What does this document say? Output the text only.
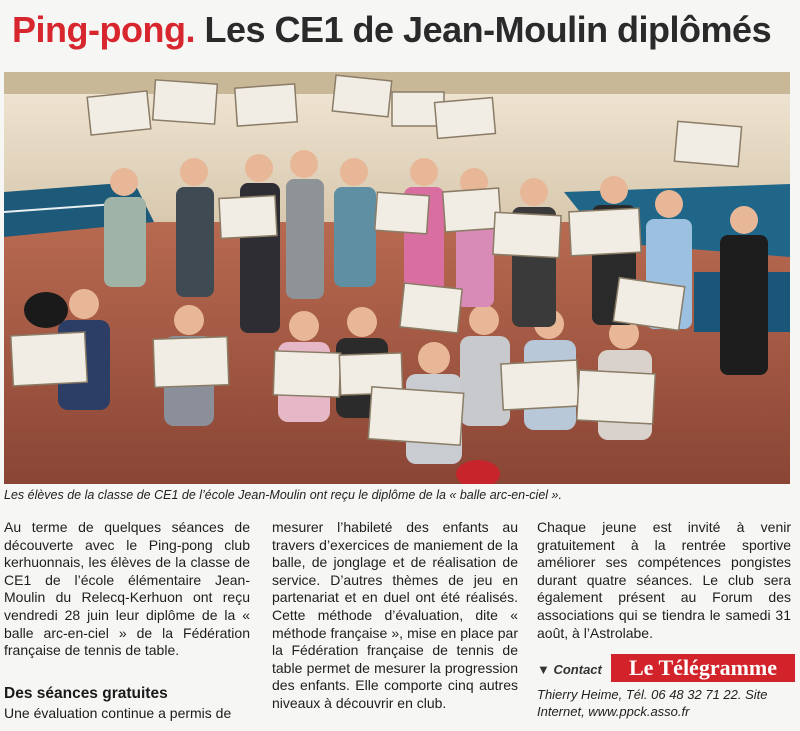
Ping-pong. Les CE1 de Jean-Moulin diplômés
Les élèves de la classe de CE1 de l’école Jean-Moulin ont reçu le diplôme de la « balle arc-en-ciel ».

Au terme de quelques séances de découverte avec le Ping-pong club kerhuonnais, les élèves de la classe de CE1 de l’école élémentaire Jean-Moulin du Relecq-Kerhuon ont reçu vendredi 28 juin leur diplôme de la « balle arc-en-ciel » de la Fédération française de tennis de table.

Des séances gratuites
Une évaluation continue a permis de

mesurer l’habileté des enfants au travers d’exercices de maniement de la balle, de jonglage et de réalisation de service. D’autres thèmes de jeu en partenariat et en duel ont été réalisés. Cette méthode d’évaluation, dite « méthode française », mise en place par la Fédération française de tennis de table permet de mesurer la progression des enfants. Elle comporte cinq autres niveaux à découvrir en club.

Chaque jeune est invité à venir gratuitement à la rentrée sportive améliorer ses compétences pongistes durant quatre séances. Le club sera également présent au Forum des associations qui se tiendra le samedi 31 août, à l’Astrolabe.

▼ Contact	Le Télégramme
Thierry Heime, Tél. 06 48 32 71 22. Site Internet, www.ppck.asso.fr
